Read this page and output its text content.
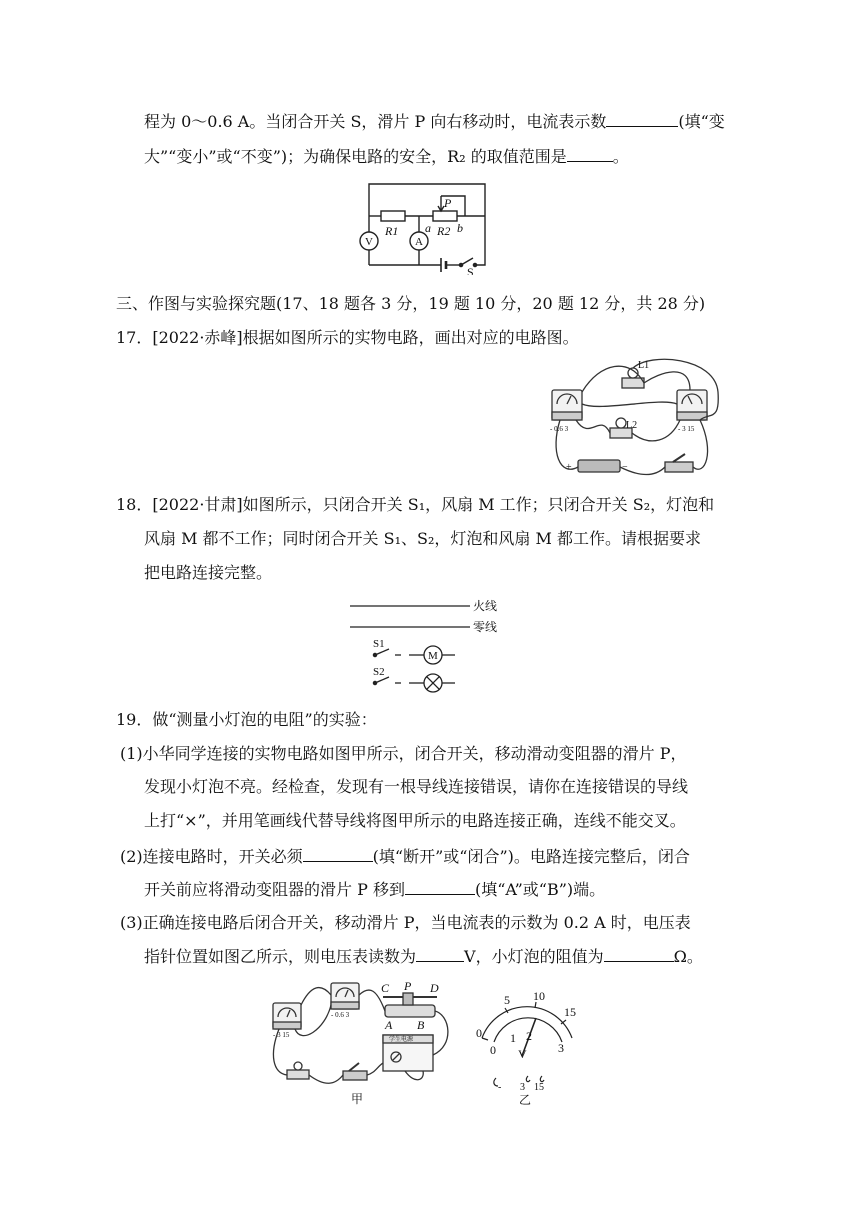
程为 0～0.6 A。当闭合开关 S，滑片 P 向右移动时，电流表示数	(填“变
大”“变小”或“不变”)；为确保电路的安全，R₂ 的取值范围是	。
R1	R2
P
a b
V	A
S
三、作图与实验探究题(17、18 题各 3 分，19 题 10 分，20 题 12 分，共 28 分)
17．[2022·赤峰]根据如图所示的实物电路，画出对应的电路图。
L1
L2
- 0.6 3	- 3 15
+	−
18．[2022·甘肃]如图所示，只闭合开关 S₁，风扇 M 工作；只闭合开关 S₂，灯泡和
风扇 M 都不工作；同时闭合开关 S₁、S₂，灯泡和风扇 M 都工作。请根据要求
把电路连接完整。
火线
零线
S1
S2
M
19．做“测量小灯泡的电阻”的实验：
(1)小华同学连接的实物电路如图甲所示，闭合开关，移动滑动变阻器的滑片 P，
发现小灯泡不亮。经检查，发现有一根导线连接错误，请你在连接错误的导线
上打“×”，并用笔画线代替导线将图甲所示的电路连接正确，连线不能交叉。
(2)连接电路时，开关必须	(填“断开”或“闭合”)。电路连接完整后，闭合
开关前应将滑动变阻器的滑片 P 移到	(填“A”或“B”)端。
(3)正确连接电路后闭合开关，移动滑片 P，当电流表的示数为 0.2 A 时，电压表
指针位置如图乙所示，则电压表读数为	V，小灯泡的阻值为	Ω。
C P D
A B
- 3 15
- 0.6 3
学生电源
甲
0
5 10
15
0
1 2
3
V
- 3 15
乙
